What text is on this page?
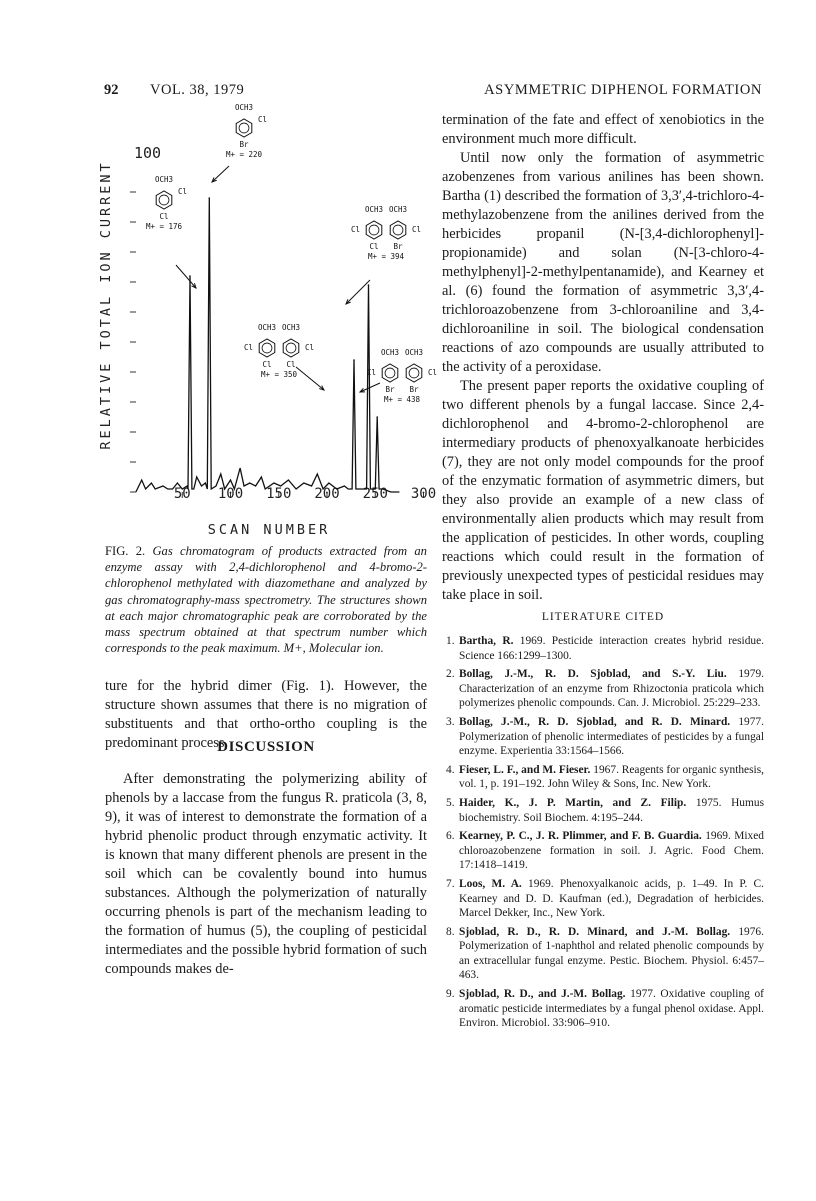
92 VOL. 38, 1979	ASYMMETRIC DIPHENOL FORMATION
100
RELATIVE TOTAL ION CURRENT
50 100 150 200 250 300
SCAN NUMBER
OCH3
Cl
Cl
M+ = 176
OCH3
Cl
Br
M+ = 220
OCH3 OCH3
Cl	Cl
Cl Cl
M+ = 350
OCH3 OCH3
Cl	Cl
Cl Br
M+ = 394
OCH3 OCH3
Cl	Cl
Br Br
M+ = 438
FIG. 2. Gas chromatogram of products extracted from an enzyme assay with 2,4-dichlorophenol and 4-bromo-2-chlorophenol methylated with diazomethane and analyzed by gas chromatography-mass spectrometry. The structures shown at each major chromatographic peak are corroborated by the mass spectrum obtained at that spectrum number which corresponds to the peak maximum. M+, Molecular ion.

ture for the hybrid dimer (Fig. 1). However, the structure shown assumes that there is no migration of substituents and that ortho-ortho coupling is the predominant process.

DISCUSSION

After demonstrating the polymerizing ability of phenols by a laccase from the fungus R. praticola (3, 8, 9), it was of interest to demonstrate the formation of a hybrid phenolic product through enzymatic activity. It is known that many different phenols are present in the soil which can be covalently bound into humus substances. Although the polymerization of naturally occurring phenols is part of the mechanism leading to the formation of humus (5), the coupling of pesticidal intermediates and the possible hybrid formation of such compounds makes de-

termination of the fate and effect of xenobiotics in the environment much more difficult.

Until now only the formation of asymmetric azobenzenes from various anilines has been shown. Bartha (1) described the formation of 3,3′,4-trichloro-4-methylazobenzene from the anilines derived from the herbicides propanil (N-[3,4-dichlorophenyl]-propionamide) and solan (N-[3-chloro-4-methylphenyl]-2-methylpentanamide), and Kearney et al. (6) found the formation of asymmetric 3,3′,4-trichloroazobenzene from 3-chloroaniline and 3,4-dichloroaniline in soil. The biological condensation reactions of azo compounds are usually attributed to the activity of a peroxidase.

The present paper reports the oxidative coupling of two different phenols by a fungal laccase. Since 2,4-dichlorophenol and 4-bromo-2-chlorophenol are intermediary products of phenoxyalkanoate herbicides (7), they are not only model compounds for the proof of the enzymatic formation of asymmetric dimers, but they also provide an example of a new class of environmentally alien products which may result from the application of pesticides. In other words, coupling reactions which could result in the formation of previously unexpected types of pesticidal residues may take place in soil.

LITERATURE CITED
1. Bartha, R. 1969. Pesticide interaction creates hybrid residue. Science 166:1299–1300.
2. Bollag, J.-M., R. D. Sjoblad, and S.-Y. Liu. 1979. Characterization of an enzyme from Rhizoctonia praticola which polymerizes phenolic compounds. Can. J. Microbiol. 25:229–233.
3. Bollag, J.-M., R. D. Sjoblad, and R. D. Minard. 1977. Polymerization of phenolic intermediates of pesticides by a fungal enzyme. Experientia 33:1564–1566.
4. Fieser, L. F., and M. Fieser. 1967. Reagents for organic synthesis, vol. 1, p. 191–192. John Wiley & Sons, Inc. New York.
5. Haider, K., J. P. Martin, and Z. Filip. 1975. Humus biochemistry. Soil Biochem. 4:195–244.
6. Kearney, P. C., J. R. Plimmer, and F. B. Guardia. 1969. Mixed chloroazobenzene formation in soil. J. Agric. Food Chem. 17:1418–1419.
7. Loos, M. A. 1969. Phenoxyalkanoic acids, p. 1–49. In P. C. Kearney and D. D. Kaufman (ed.), Degradation of herbicides. Marcel Dekker, Inc., New York.
8. Sjoblad, R. D., R. D. Minard, and J.-M. Bollag. 1976. Polymerization of 1-naphthol and related phenolic compounds by an extracellular fungal enzyme. Pestic. Biochem. Physiol. 6:457–463.
9. Sjoblad, R. D., and J.-M. Bollag. 1977. Oxidative coupling of aromatic pesticide intermediates by a fungal phenol oxidase. Appl. Environ. Microbiol. 33:906–910.
